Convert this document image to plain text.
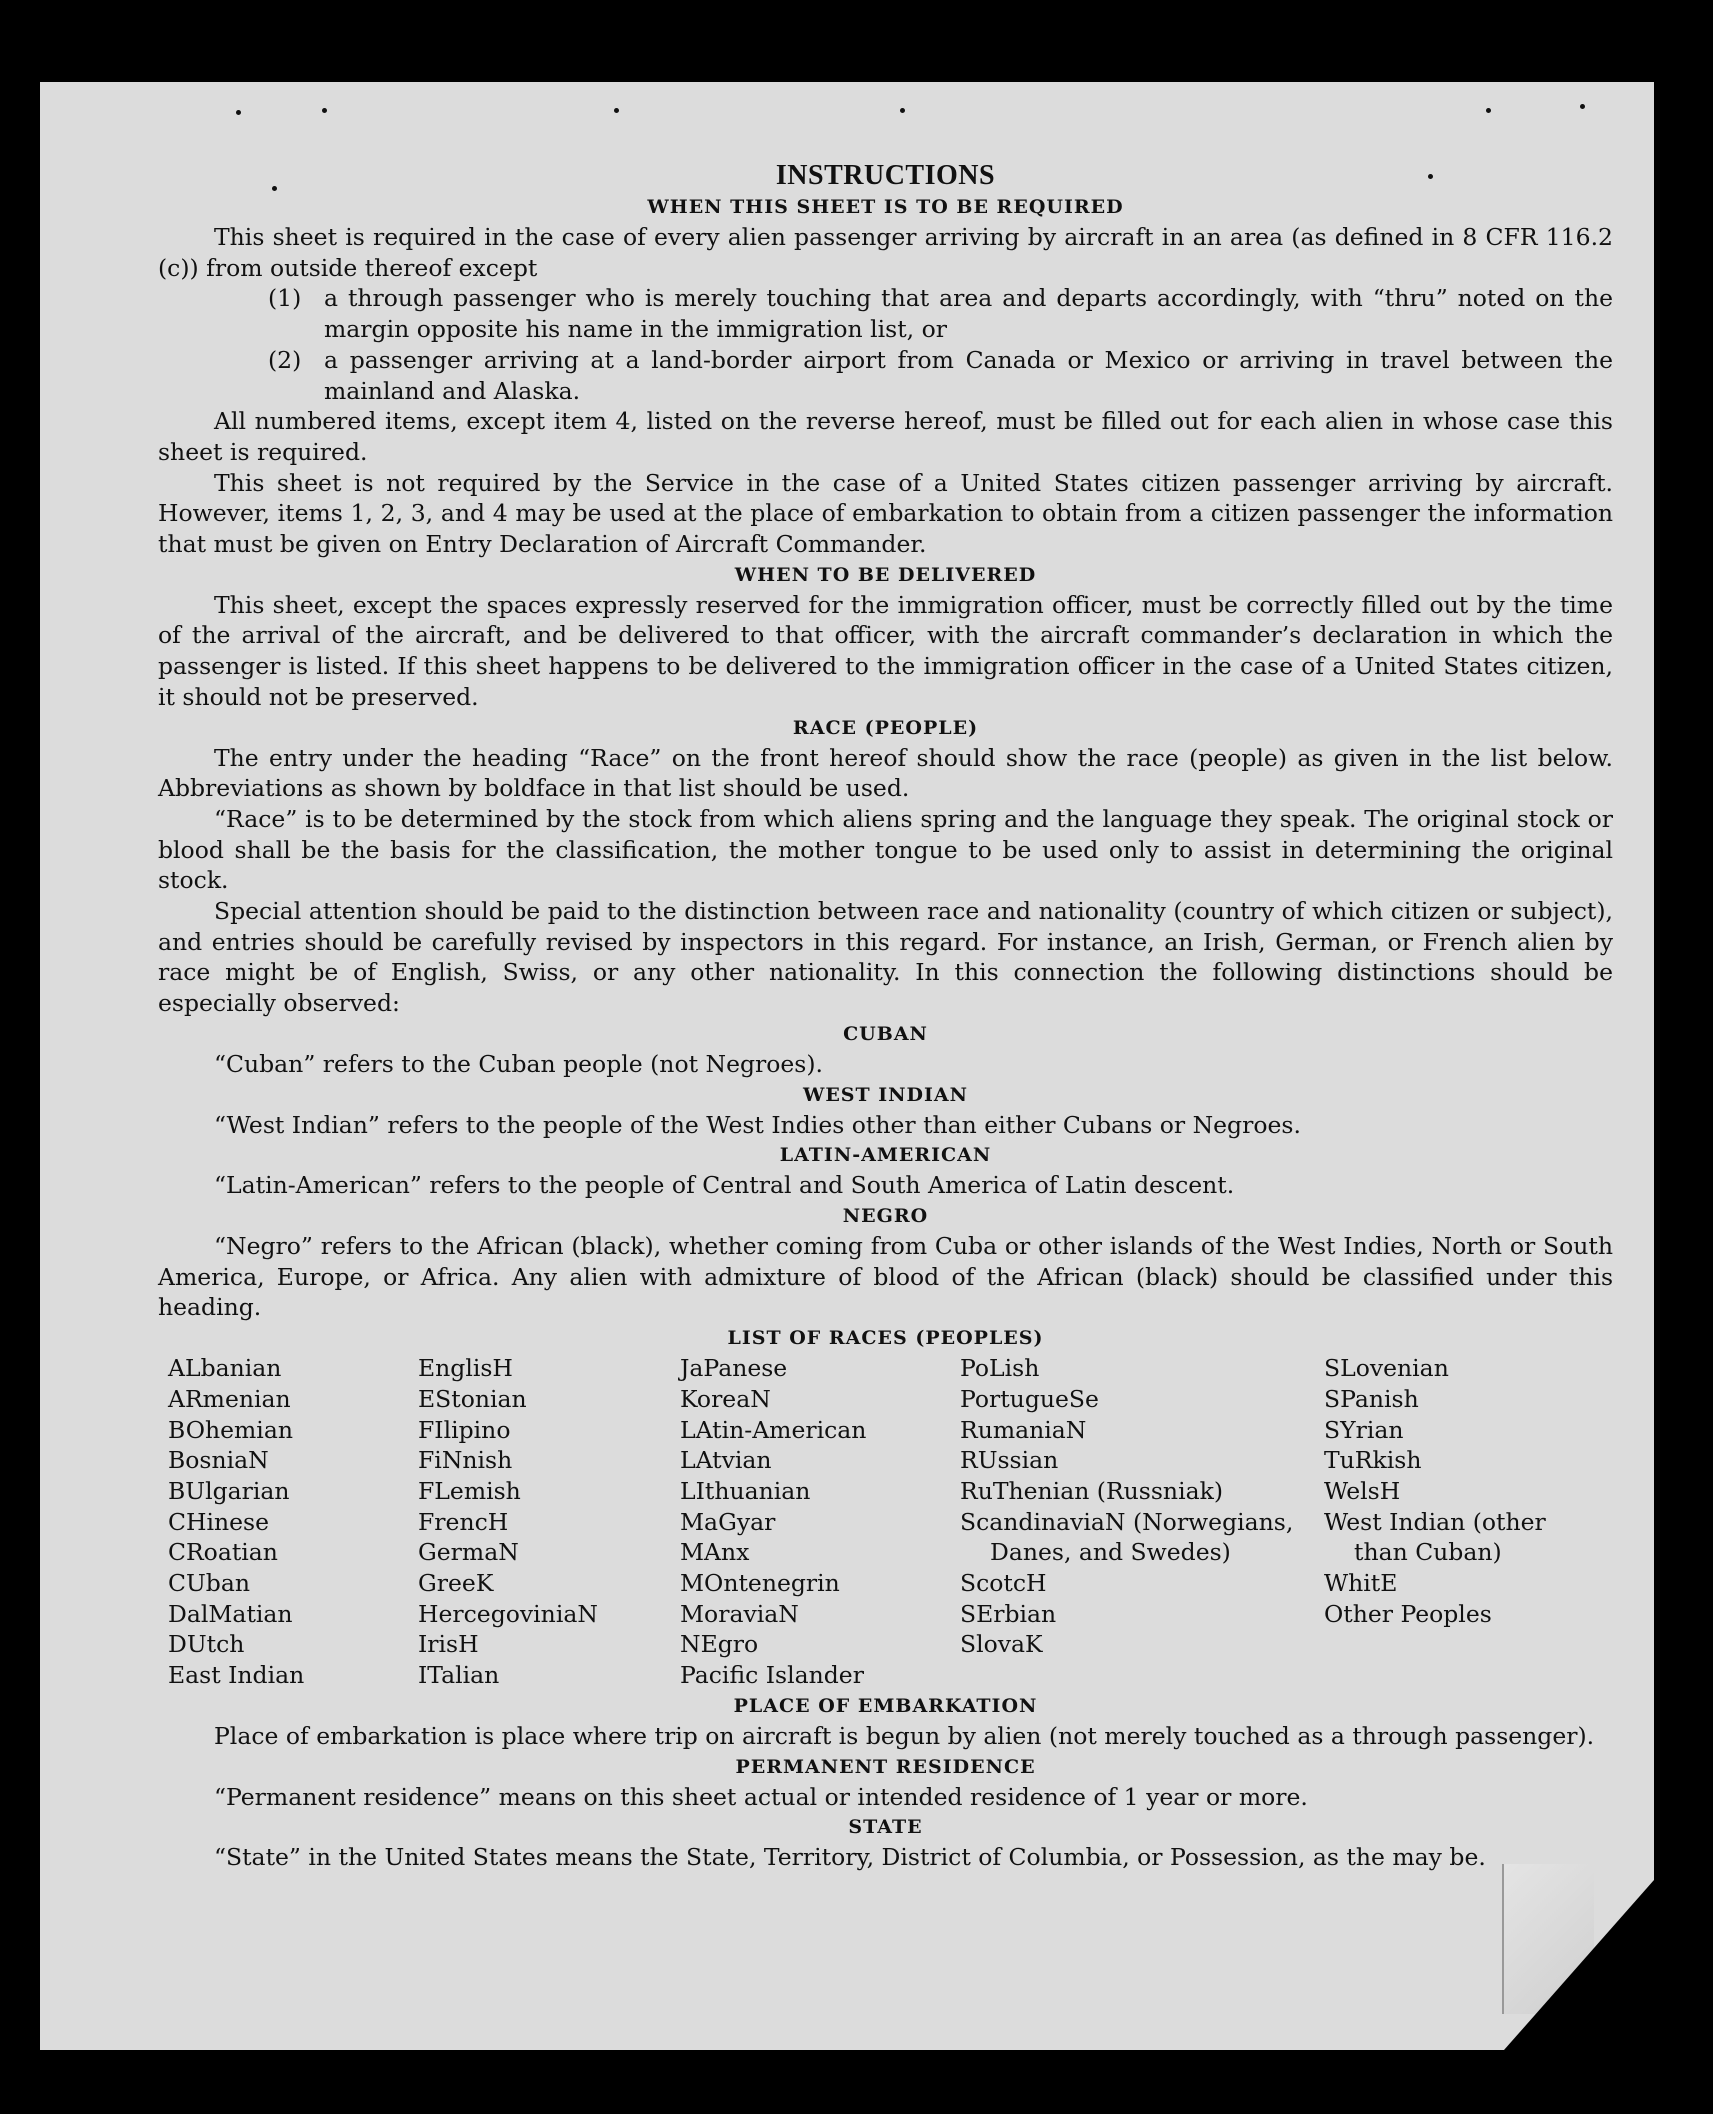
INSTRUCTIONS
WHEN THIS SHEET IS TO BE REQUIRED

This sheet is required in the case of every alien passenger arriving by aircraft in an area (as defined in 8 CFR 116.2 (c)) from outside thereof except

(1) a through passenger who is merely touching that area and departs accordingly, with “thru” noted on the margin opposite his name in the immigration list, or
(2) a passenger arriving at a land-border airport from Canada or Mexico or arriving in travel between the mainland and Alaska.

All numbered items, except item 4, listed on the reverse hereof, must be filled out for each alien in whose case this sheet is required.

This sheet is not required by the Service in the case of a United States citizen passenger arriving by aircraft. However, items 1, 2, 3, and 4 may be used at the place of embarkation to obtain from a citizen passenger the information that must be given on Entry Declaration of Aircraft Commander.

WHEN TO BE DELIVERED

This sheet, except the spaces expressly reserved for the immigration officer, must be correctly filled out by the time of the arrival of the aircraft, and be delivered to that officer, with the aircraft commander’s declaration in which the passenger is listed. If this sheet happens to be delivered to the immigration officer in the case of a United States citizen, it should not be preserved.

RACE (PEOPLE)

The entry under the heading “Race” on the front hereof should show the race (people) as given in the list below. Abbreviations as shown by boldface in that list should be used.

“Race” is to be determined by the stock from which aliens spring and the language they speak. The original stock or blood shall be the basis for the classification, the mother tongue to be used only to assist in determining the original stock.

Special attention should be paid to the distinction between race and nationality (country of which citizen or subject), and entries should be carefully revised by inspectors in this regard. For instance, an Irish, German, or French alien by race might be of English, Swiss, or any other nationality. In this connection the following distinctions should be especially observed:

CUBAN

“Cuban” refers to the Cuban people (not Negroes).

WEST INDIAN

“West Indian” refers to the people of the West Indies other than either Cubans or Negroes.

LATIN-AMERICAN

“Latin-American” refers to the people of Central and South America of Latin descent.

NEGRO

“Negro” refers to the African (black), whether coming from Cuba or other islands of the West Indies, North or South America, Europe, or Africa. Any alien with admixture of blood of the African (black) should be classified under this heading.

LIST OF RACES (PEOPLES)
ALbanian
ARmenian
BOhemian
BosniaN
BUlgarian
CHinese
CRoatian
CUban
DalMatian
DUtch
East Indian
EnglisH
EStonian
FIlipino
FiNnish
FLemish
FrencH
GermaN
GreeK
HercegoviniaN
IrisH
ITalian
JaPanese
KoreaN
LAtin-American
LAtvian
LIthuanian
MaGyar
MAnx
MOntenegrin
MoraviaN
NEgro
Pacific Islander
PoLish
PortugueSe
RumaniaN
RUssian
RuThenian (Russniak)
ScandinaviaN (Norwegians, Danes, and Swedes)
ScotcH
SErbian
SlovaK
SLovenian
SPanish
SYrian
TuRkish
WelsH
West Indian (other than Cuban)
WhitE
Other Peoples
PLACE OF EMBARKATION

Place of embarkation is place where trip on aircraft is begun by alien (not merely touched as a through passenger).

PERMANENT RESIDENCE

“Permanent residence” means on this sheet actual or intended residence of 1 year or more.

STATE

“State” in the United States means the State, Territory, District of Columbia, or Possession, as the may be.
